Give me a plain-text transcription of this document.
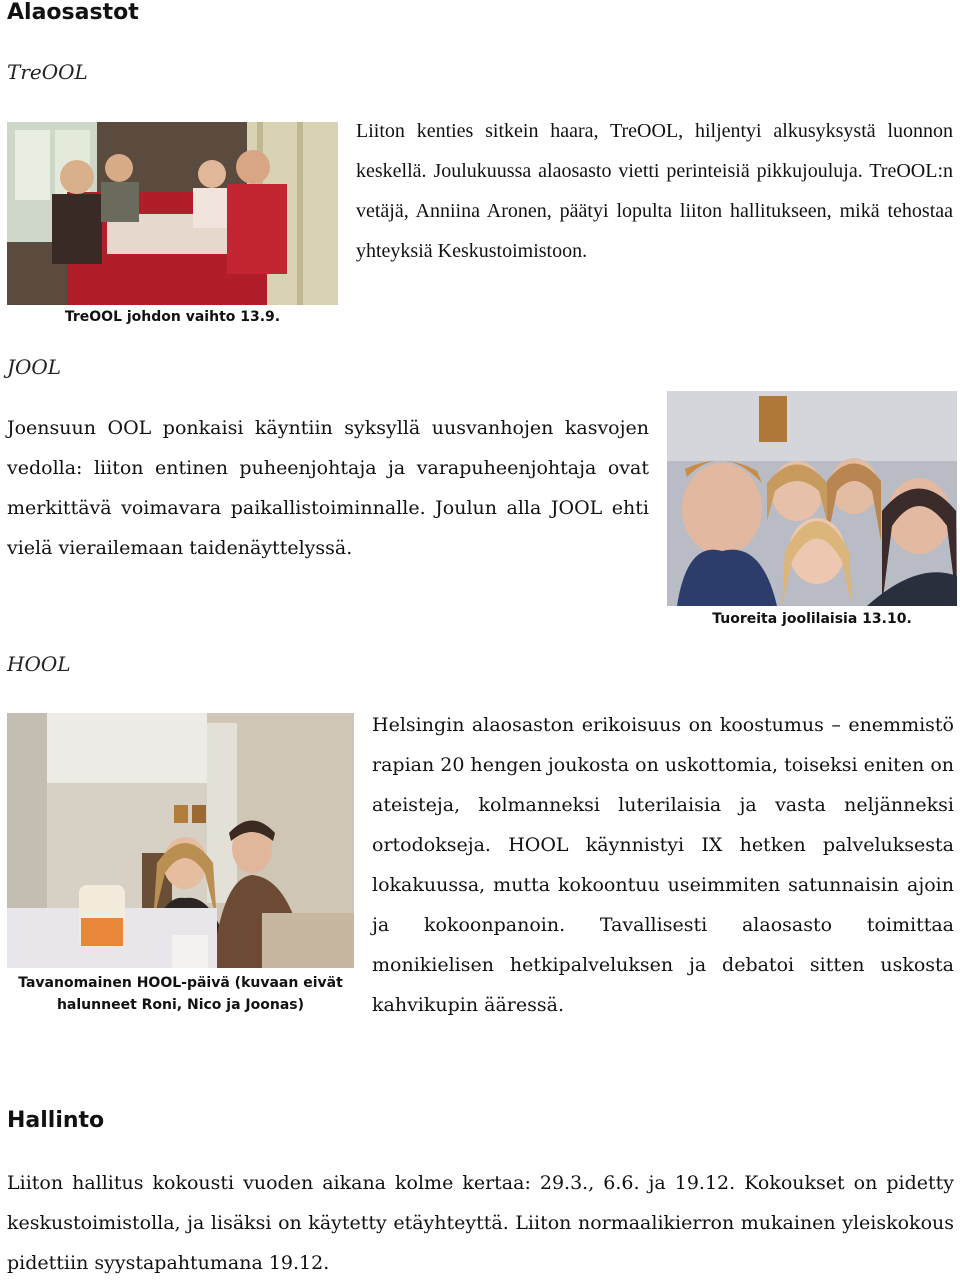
Alaosastot
TreOOL
TreOOL johdon vaihto 13.9.
Liiton kenties sitkein haara, TreOOL, hiljentyi alkusyksystä luonnon keskellä. Joulukuussa alaosasto vietti perinteisiä pikkujouluja. TreOOL:n vetäjä, Anniina Aronen, päätyi lopulta liiton hallitukseen, mikä tehostaa yhteyksiä Keskustoimistoon.
JOOL
Joensuun OOL ponkaisi käyntiin syksyllä uusvanhojen kasvojen vedolla: liiton entinen puheenjohtaja ja varapuheenjohtaja ovat merkittävä voimavara paikallistoiminnalle. Joulun alla JOOL ehti vielä vierailemaan taidenäyttelyssä.
Tuoreita joolilaisia 13.10.
HOOL
Tavanomainen HOOL-päivä (kuvaan eivät halunneet Roni, Nico ja Joonas)
Helsingin alaosaston erikoisuus on koostumus – enemmistö rapian 20 hengen joukosta on uskottomia, toiseksi eniten on ateisteja, kolmanneksi luterilaisia ja vasta neljänneksi ortodokseja. HOOL käynnistyi IX hetken palveluksesta lokakuussa, mutta kokoontuu useimmiten satunnaisin ajoin ja kokoonpanoin. Tavallisesti alaosasto toimittaa monikielisen hetkipalveluksen ja debatoi sitten uskosta kahvikupin ääressä.
Hallinto
Liiton hallitus kokousti vuoden aikana kolme kertaa: 29.3., 6.6. ja 19.12. Kokoukset on pidetty keskustoimistolla, ja lisäksi on käytetty etäyhteyttä. Liiton normaalikierron mukainen yleiskokous pidettiin syystapahtumana 19.12.
